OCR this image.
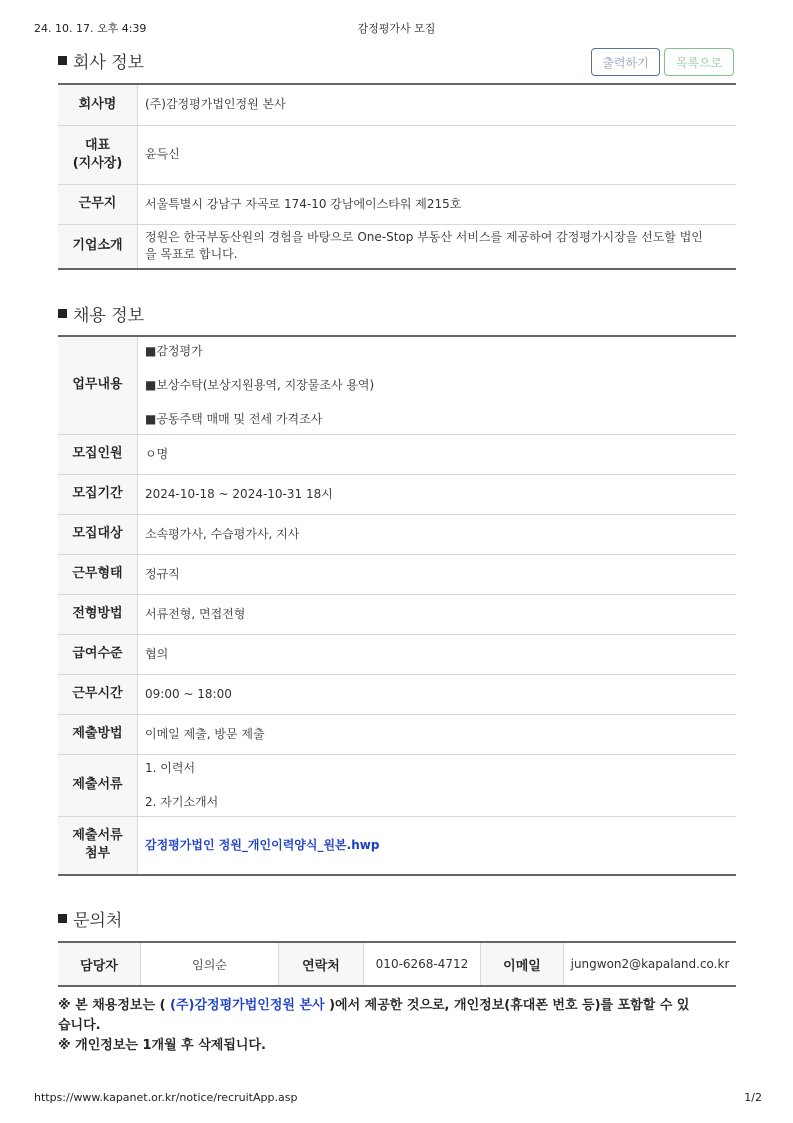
24. 10. 17. 오후 4:39	감정평가사 모집
회사 정보	출력하기	목록으로
회사명	(주)감정평가법인정원 본사

대표
(지사장)	윤득신
근무지	서울특별시 강남구 자곡로 174-10 강남에이스타워 제215호
기업소개	정원은 한국부동산원의 경험을 바탕으로 One-Stop 부동산 서비스를 제공하여 감정평가시장을 선도할 법인
을 목표로 합니다.
채용 정보
업무내용	■감정평가

■보상수탁(보상지원용역, 지장물조사 용역)

■공동주택 매매 및 전세 가격조사

모집인원	ㅇ명
모집기간	2024-10-18 ~ 2024-10-31 18시
모집대상	소속평가사, 수습평가사, 지사
근무형태	정규직
전형방법	서류전형, 면접전형
급여수준	협의
근무시간	09:00 ~ 18:00
제출방법	이메일 제출, 방문 제출
제출서류	1. 이력서

2. 자기소개서

제출서류
첨부	감정평가법인 정원_개인이력양식_원본.hwp
문의처
담당자	임의순	연락처	010-6268-4712	이메일	jungwon2@kapaland.co.kr
※ 본 채용정보는 ( (주)감정평가법인정원 본사 )에서 제공한 것으로, 개인정보(휴대폰 번호 등)를 포함할 수 있
습니다.
※ 개인정보는 1개월 후 삭제됩니다.
https://www.kapanet.or.kr/notice/recruitApp.asp	1/2
